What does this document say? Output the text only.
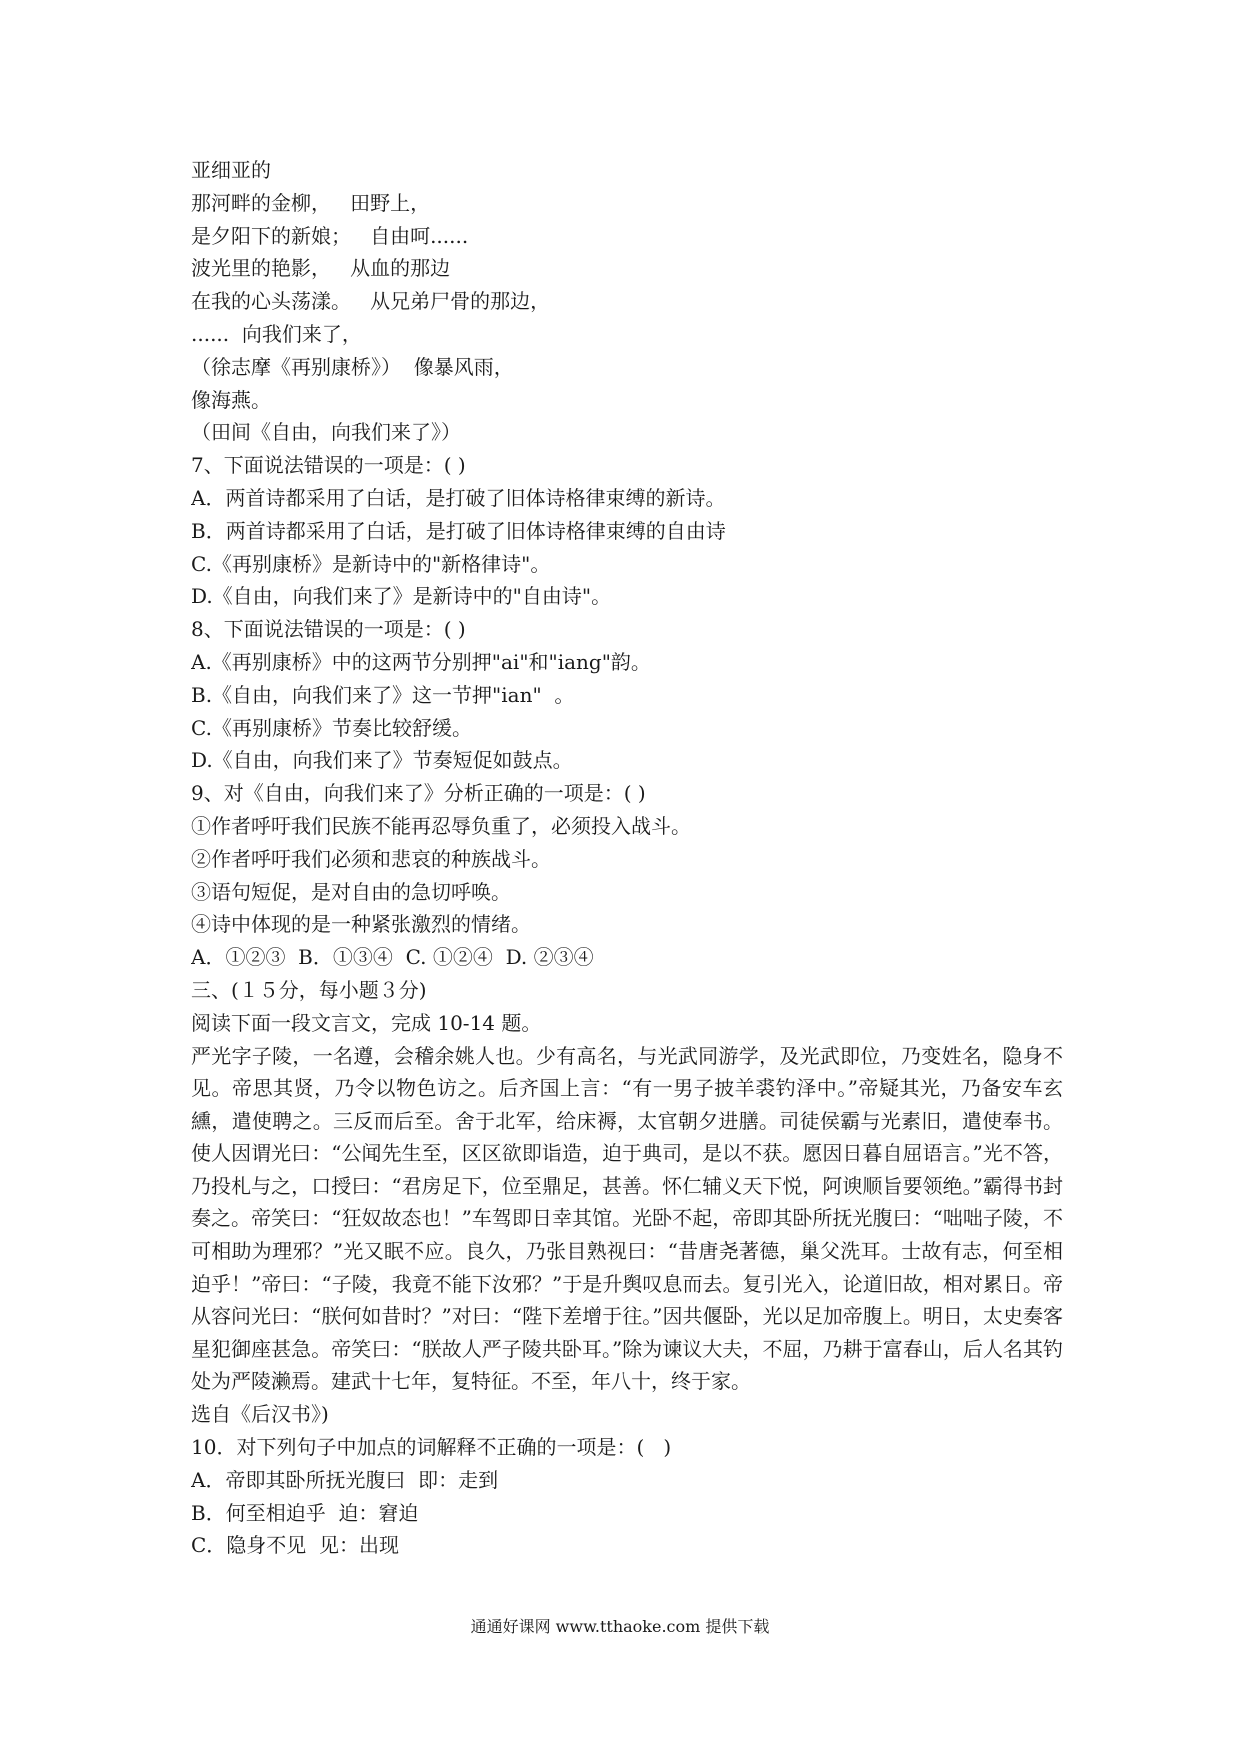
亚细亚的
那河畔的金柳，   田野上，
是夕阳下的新娘；   自由呵......
波光里的艳影，   从血的那边
在我的心头荡漾。   从兄弟尸骨的那边，
......  向我们来了，
（徐志摩《再别康桥》）  像暴风雨，
像海燕。
（田间《自由，向我们来了》）
7、下面说法错误的一项是：( )
A．两首诗都采用了白话，是打破了旧体诗格律束缚的新诗。
B．两首诗都采用了白话，是打破了旧体诗格律束缚的自由诗
C.《再别康桥》是新诗中的"新格律诗"。
D.《自由，向我们来了》是新诗中的"自由诗"。
8、下面说法错误的一项是：( )
A.《再别康桥》中的这两节分别押"ai"和"iang"韵。
B.《自由，向我们来了》这一节押"ian"  。
C.《再别康桥》节奏比较舒缓。
D.《自由，向我们来了》节奏短促如鼓点。
9、对《自由，向我们来了》分析正确的一项是：( )
①作者呼吁我们民族不能再忍辱负重了，必须投入战斗。
②作者呼吁我们必须和悲哀的种族战斗。
③语句短促，是对自由的急切呼唤。
④诗中体现的是一种紧张激烈的情绪。
A．①②③  B．①③④  C. ①②④  D. ②③④
三、(１５分，每小题３分)
阅读下面一段文言文，完成 10-14 题。

严光字子陵，一名遵，会稽余姚人也。少有高名，与光武同游学，及光武即位，乃变姓名，隐身不见。帝思其贤，乃令以物色访之。后齐国上言：“有一男子披羊裘钓泽中。”帝疑其光，乃备安车玄纁，遣使聘之。三反而后至。舍于北军，给床褥，太官朝夕进膳。司徒侯霸与光素旧，遣使奉书。使人因谓光曰：“公闻先生至，区区欲即诣造，迫于典司，是以不获。愿因日暮自屈语言。”光不答，乃投札与之，口授曰：“君房足下，位至鼎足，甚善。怀仁辅义天下悦，阿谀顺旨要领绝。”霸得书封奏之。帝笑曰：“狂奴故态也！”车驾即日幸其馆。光卧不起，帝即其卧所抚光腹曰：“咄咄子陵，不可相助为理邪？”光又眠不应。良久，乃张目熟视曰：“昔唐尧著德，巢父洗耳。士故有志，何至相迫乎！”帝曰：“子陵，我竟不能下汝邪？”于是升舆叹息而去。复引光入，论道旧故，相对累日。帝从容问光曰：“朕何如昔时？”对曰：“陛下差增于往。”因共偃卧，光以足加帝腹上。明日，太史奏客星犯御座甚急。帝笑曰：“朕故人严子陵共卧耳。”除为谏议大夫，不屈，乃耕于富春山，后人名其钓处为严陵濑焉。建武十七年，复特征。不至，年八十，终于家。

选自《后汉书》)
10．对下列句子中加点的词解释不正确的一项是：(   )
A．帝即其卧所抚光腹曰  即：走到
B．何至相迫乎  迫：窘迫
C．隐身不见  见：出现
通通好课网 www.tthaoke.com 提供下载
